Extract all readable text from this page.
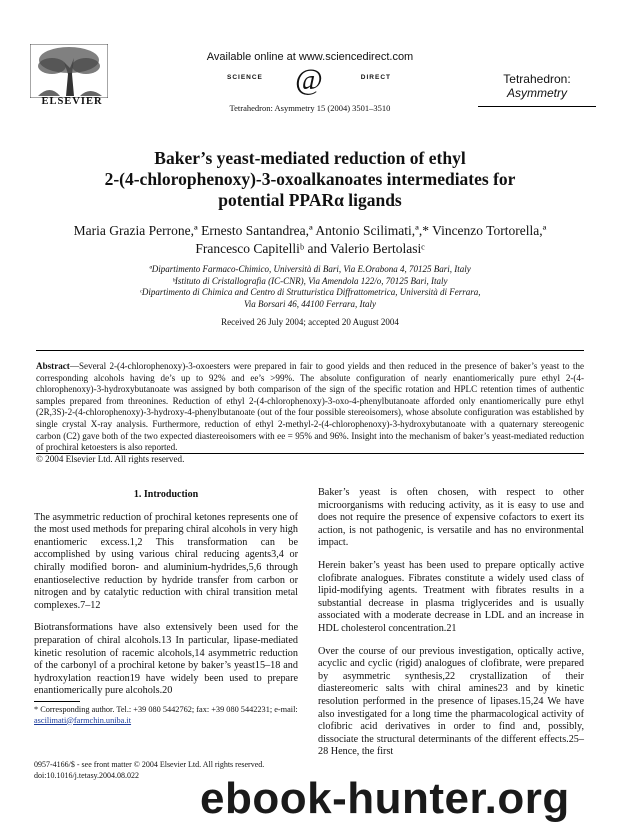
ELSEVIER
Available online at www.sciencedirect.com
SCIENCE @	DIRECT
Tetrahedron: Asymmetry 15 (2004) 3501–3510
Tetrahedron:
Asymmetry
Baker’s yeast-mediated reduction of ethyl
2-(4-chlorophenoxy)-3-oxoalkanoates intermediates for
potential PPARα ligands
Maria Grazia Perrone,ª Ernesto Santandrea,ª Antonio Scilimati,ª,* Vincenzo Tortorella,ª
Francesco Capitelliᵇ and Valerio Bertolasiᶜ
ªDipartimento Farmaco-Chimico, Università di Bari, Via E.Orabona 4, 70125 Bari, Italy
ᵇIstituto di Cristallografia (IC-CNR), Via Amendola 122/o, 70125 Bari, Italy
ᶜDipartimento di Chimica and Centro di Strutturistica Diffrattometrica, Università di Ferrara,
Via Borsari 46, 44100 Ferrara, Italy
Received 26 July 2004; accepted 20 August 2004
Abstract—Several 2-(4-chlorophenoxy)-3-oxoesters were prepared in fair to good yields and then reduced in the presence of baker’s yeast to the corresponding alcohols having de’s up to 92% and ee’s >99%. The absolute configuration of nearly enantiomerically pure ethyl 2-(4-chlorophenoxy)-3-hydroxybutanoate was assigned by both comparison of the sign of the specific rotation and HPLC retention times of authentic samples prepared from threonines. Reduction of ethyl 2-(4-chlorophenoxy)-3-oxo-4-phenylbutanoate afforded only enantiomerically pure ethyl (2R,3S)-2-(4-chlorophenoxy)-3-hydroxy-4-phenylbutanoate (out of the four possible stereoisomers), whose absolute configuration was established by single crystal X-ray analysis. Furthermore, reduction of ethyl 2-methyl-2-(4-chlorophenoxy)-3-hydroxybutanoate with a quaternary stereogenic carbon (C2) gave both of the two expected diastereoisomers with ee = 95% and 96%. Insight into the mechanism of baker’s yeast-mediated reduction of prochiral ketoesters is also reported.
© 2004 Elsevier Ltd. All rights reserved.
1. Introduction

The asymmetric reduction of prochiral ketones represents one of the most used methods for preparing chiral alcohols in very high enantiomeric excess.1,2 This transformation can be accomplished by using various chiral reducing agents3,4 or chirally modified boron- and aluminium-hydrides,5,6 through enantioselective reduction by hydride transfer from carbon or nitrogen and by catalytic reduction with chiral transition metal complexes.7–12

Biotransformations have also extensively been used for the preparation of chiral alcohols.13 In particular, lipase-mediated kinetic resolution of racemic alcohols,14 asymmetric reduction of the carbonyl of a prochiral ketone by baker’s yeast15–18 and hydroxylation reaction19 have widely been used to prepare enantiomerically pure alcohols.20

Baker’s yeast is often chosen, with respect to other microorganisms with reducing activity, as it is easy to use and does not require the presence of expensive cofactors to exert its action, is not pathogenic, is versatile and has no environmental impact.

Herein baker’s yeast has been used to prepare optically active clofibrate analogues. Fibrates constitute a widely used class of lipid-modifying agents. Treatment with fibrates results in a substantial decrease in plasma triglycerides and is usually associated with a moderate decrease in LDL and an increase in HDL cholesterol concentration.21

Over the course of our previous investigation, optically active, acyclic and cyclic (rigid) analogues of clofibrate, were prepared by asymmetric synthesis,22 crystallization of their diastereomeric salts with chiral amines23 and by kinetic resolution performed in the presence of lipases.15,24 We have also investigated for a long time the pharmacological activity of clofibric acid derivatives in order to find and, possibly, dissociate the structural determinants of the different effects.25–28 Hence, the first

* Corresponding author. Tel.: +39 080 5442762; fax: +39 080 5442231; e-mail: ascilimati@farmchin.uniba.it
0957-4166/$ - see front matter © 2004 Elsevier Ltd. All rights reserved.
doi:10.1016/j.tetasy.2004.08.022	ebook-hunter.org
